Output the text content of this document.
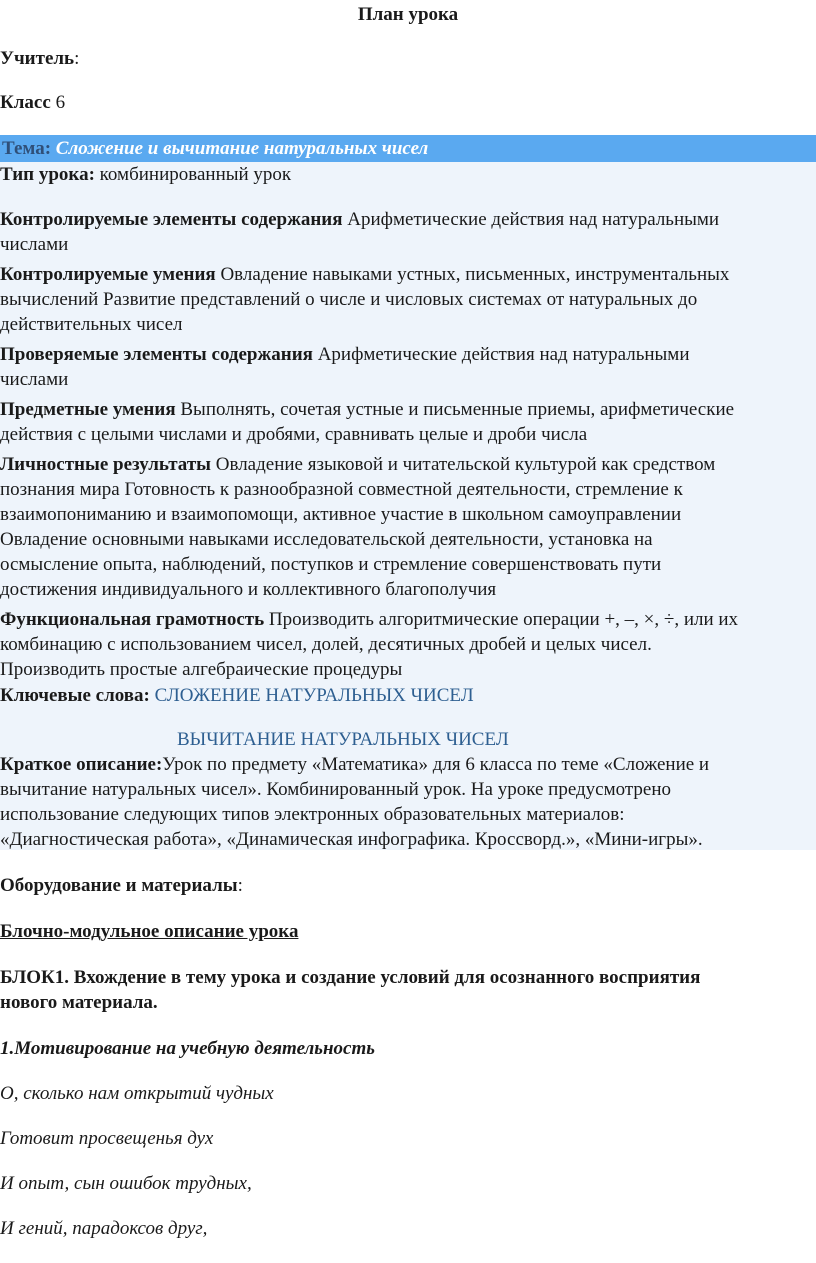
План урока
Учитель:
Класс 6
Тема: Сложение и вычитание натуральных чисел
Тип урока: комбинированный урок
Контролируемые элементы содержания Арифметические действия над натуральными
числами
Контролируемые умения Овладение навыками устных, письменных, инструментальных
вычислений Развитие представлений о числе и числовых системах от натуральных до
действительных чисел
Проверяемые элементы содержания Арифметические действия над натуральными
числами
Предметные умения Выполнять, сочетая устные и письменные приемы, арифметические
действия с целыми числами и дробями, сравнивать целые и дроби числа
Личностные результаты Овладение языковой и читательской культурой как средством
познания мира Готовность к разнообразной совместной деятельности, стремление к
взаимопониманию и взаимопомощи, активное участие в школьном самоуправлении
Овладение основными навыками исследовательской деятельности, установка на
осмысление опыта, наблюдений, поступков и стремление совершенствовать пути
достижения индивидуального и коллективного благополучия
Функциональная грамотность Производить алгоритмические операции +, –, ×, ÷, или их
комбинацию с использованием чисел, долей, десятичных дробей и целых чисел.
Производить простые алгебраические процедуры
Ключевые слова: СЛОЖЕНИЕ НАТУРАЛЬНЫХ ЧИСЕЛ
ВЫЧИТАНИЕ НАТУРАЛЬНЫХ ЧИСЕЛ
Краткое описание:Урок по предмету «Математика» для 6 класса по теме «Сложение и
вычитание натуральных чисел». Комбинированный урок. На уроке предусмотрено
использование следующих типов электронных образовательных материалов:
«Диагностическая работа», «Динамическая инфографика. Кроссворд.», «Мини-игры».
Оборудование и материалы:
Блочно-модульное описание урока
БЛОК1. Вхождение в тему урока и создание условий для осознанного восприятия
нового материала.
1.Мотивирование на учебную деятельность
О, сколько нам открытий чудных
Готовит просвещенья дух
И опыт, сын ошибок трудных,
И гений, парадоксов друг,
